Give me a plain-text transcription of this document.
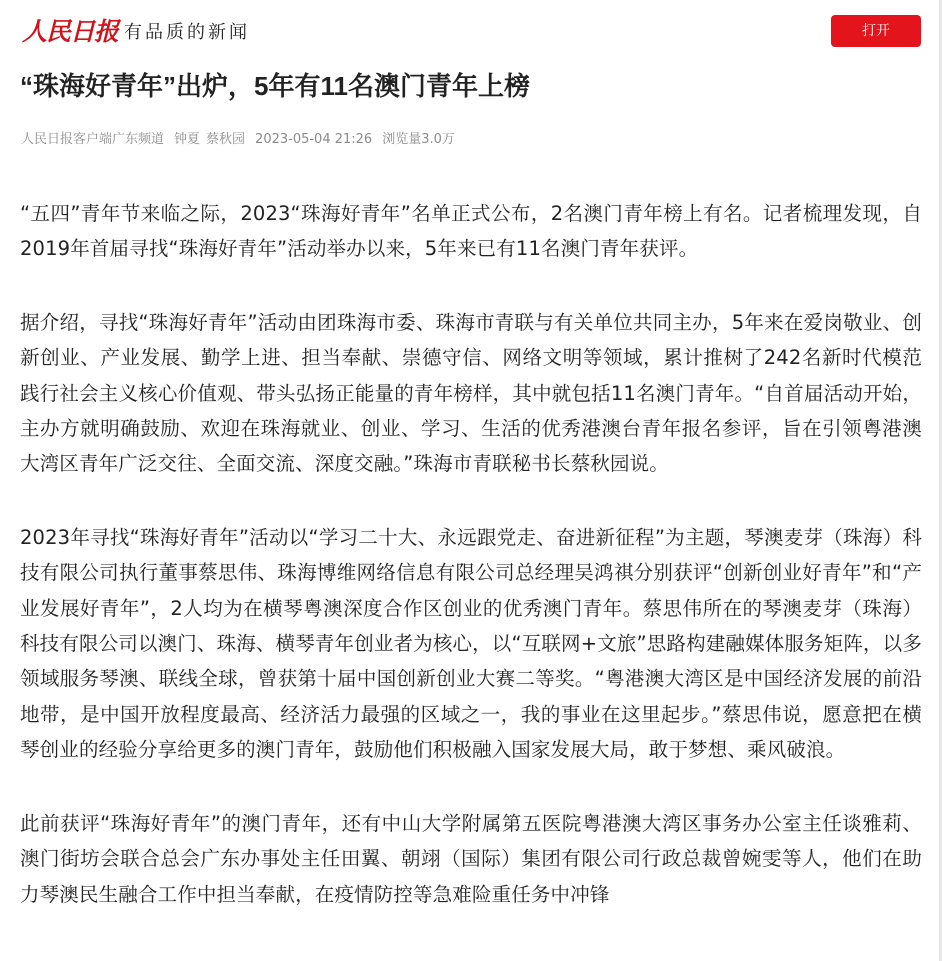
人民日报 有品质的新闻	打开
“珠海好青年”出炉，5年有11名澳门青年上榜
人民日报客户端广东频道 钟夏 蔡秋园 2023-05-04 21:26 浏览量3.0万

“五四”青年节来临之际，2023“珠海好青年”名单正式公布，2名澳门青年榜上有名。记者梳理发现，自2019年首届寻找“珠海好青年”活动举办以来，5年来已有11名澳门青年获评。

据介绍，寻找“珠海好青年”活动由团珠海市委、珠海市青联与有关单位共同主办，5年来在爱岗敬业、创新创业、产业发展、勤学上进、担当奉献、崇德守信、网络文明等领域，累计推树了242名新时代模范践行社会主义核心价值观、带头弘扬正能量的青年榜样，其中就包括11名澳门青年。“自首届活动开始，主办方就明确鼓励、欢迎在珠海就业、创业、学习、生活的优秀港澳台青年报名参评，旨在引领粤港澳大湾区青年广泛交往、全面交流、深度交融。”珠海市青联秘书长蔡秋园说。

2023年寻找“珠海好青年”活动以“学习二十大、永远跟党走、奋进新征程”为主题，琴澳麦芽（珠海）科技有限公司执行董事蔡思伟、珠海博维网络信息有限公司总经理吴鸿祺分别获评“创新创业好青年”和“产业发展好青年”，2人均为在横琴粤澳深度合作区创业的优秀澳门青年。蔡思伟所在的琴澳麦芽（珠海）科技有限公司以澳门、珠海、横琴青年创业者为核心，以“互联网+文旅”思路构建融媒体服务矩阵，以多领域服务琴澳、联线全球，曾获第十届中国创新创业大赛二等奖。“粤港澳大湾区是中国经济发展的前沿地带，是中国开放程度最高、经济活力最强的区域之一，我的事业在这里起步。”蔡思伟说，愿意把在横琴创业的经验分享给更多的澳门青年，鼓励他们积极融入国家发展大局，敢于梦想、乘风破浪。

此前获评“珠海好青年”的澳门青年，还有中山大学附属第五医院粤港澳大湾区事务办公室主任谈雅莉、澳门街坊会联合总会广东办事处主任田翼、朝翊（国际）集团有限公司行政总裁曾婉雯等人，他们在助力琴澳民生融合工作中担当奉献，在疫情防控等急难险重任务中冲锋
